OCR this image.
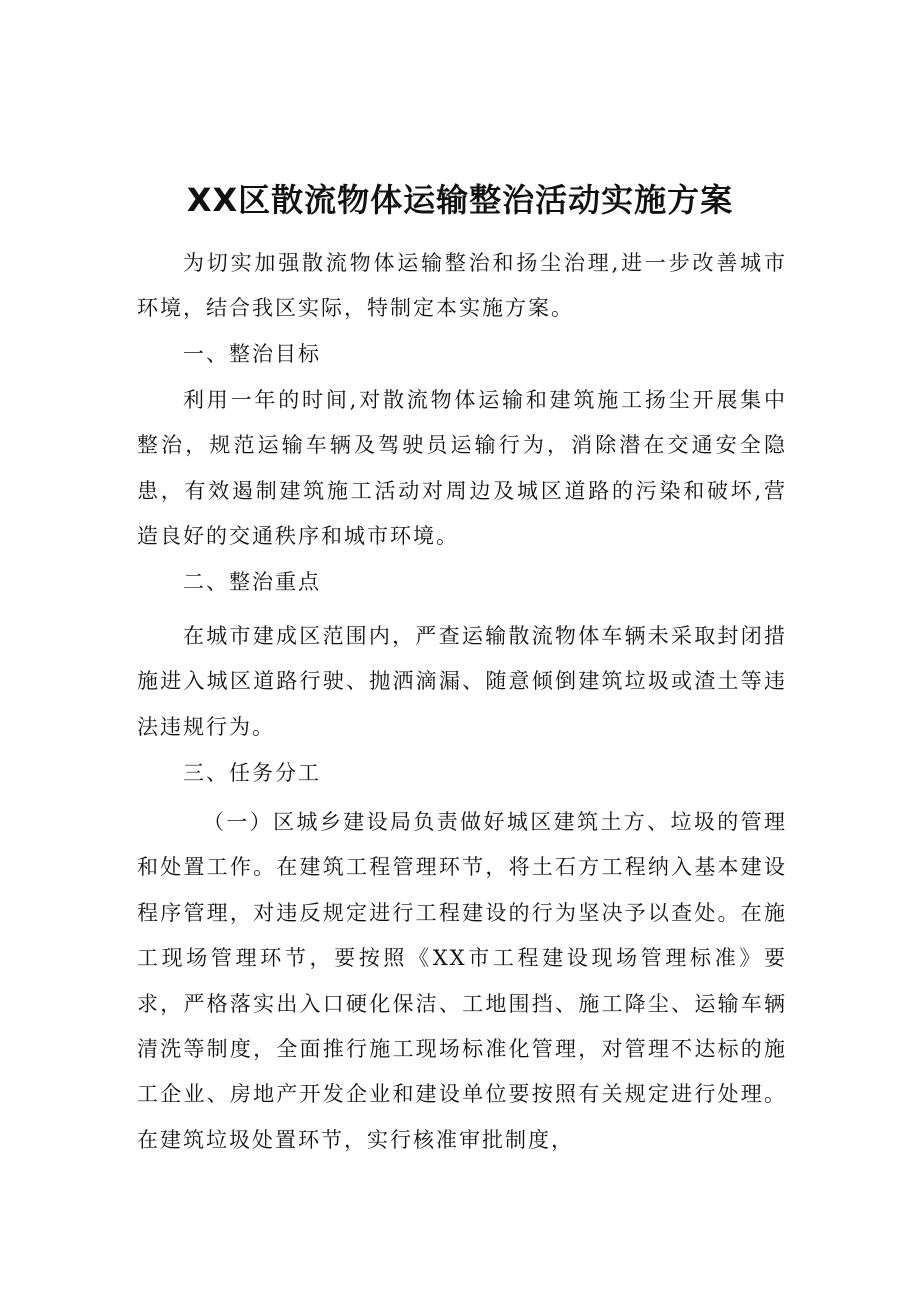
XX区散流物体运输整治活动实施方案

为切实加强散流物体运输整治和扬尘治理,进一步改善城市环境，结合我区实际，特制定本实施方案。

一、整治目标

利用一年的时间,对散流物体运输和建筑施工扬尘开展集中整治，规范运输车辆及驾驶员运输行为，消除潜在交通安全隐患，有效遏制建筑施工活动对周边及城区道路的污染和破坏,营造良好的交通秩序和城市环境。

二、整治重点

在城市建成区范围内，严查运输散流物体车辆未采取封闭措施进入城区道路行驶、抛洒滴漏、随意倾倒建筑垃圾或渣土等违法违规行为。

三、任务分工

（一）区城乡建设局负责做好城区建筑土方、垃圾的管理和处置工作。在建筑工程管理环节，将土石方工程纳入基本建设程序管理，对违反规定进行工程建设的行为坚决予以查处。在施工现场管理环节，要按照《XX市工程建设现场管理标准》要求，严格落实出入口硬化保洁、工地围挡、施工降尘、运输车辆清洗等制度，全面推行施工现场标准化管理，对管理不达标的施工企业、房地产开发企业和建设单位要按照有关规定进行处理。在建筑垃圾处置环节，实行核准审批制度，
